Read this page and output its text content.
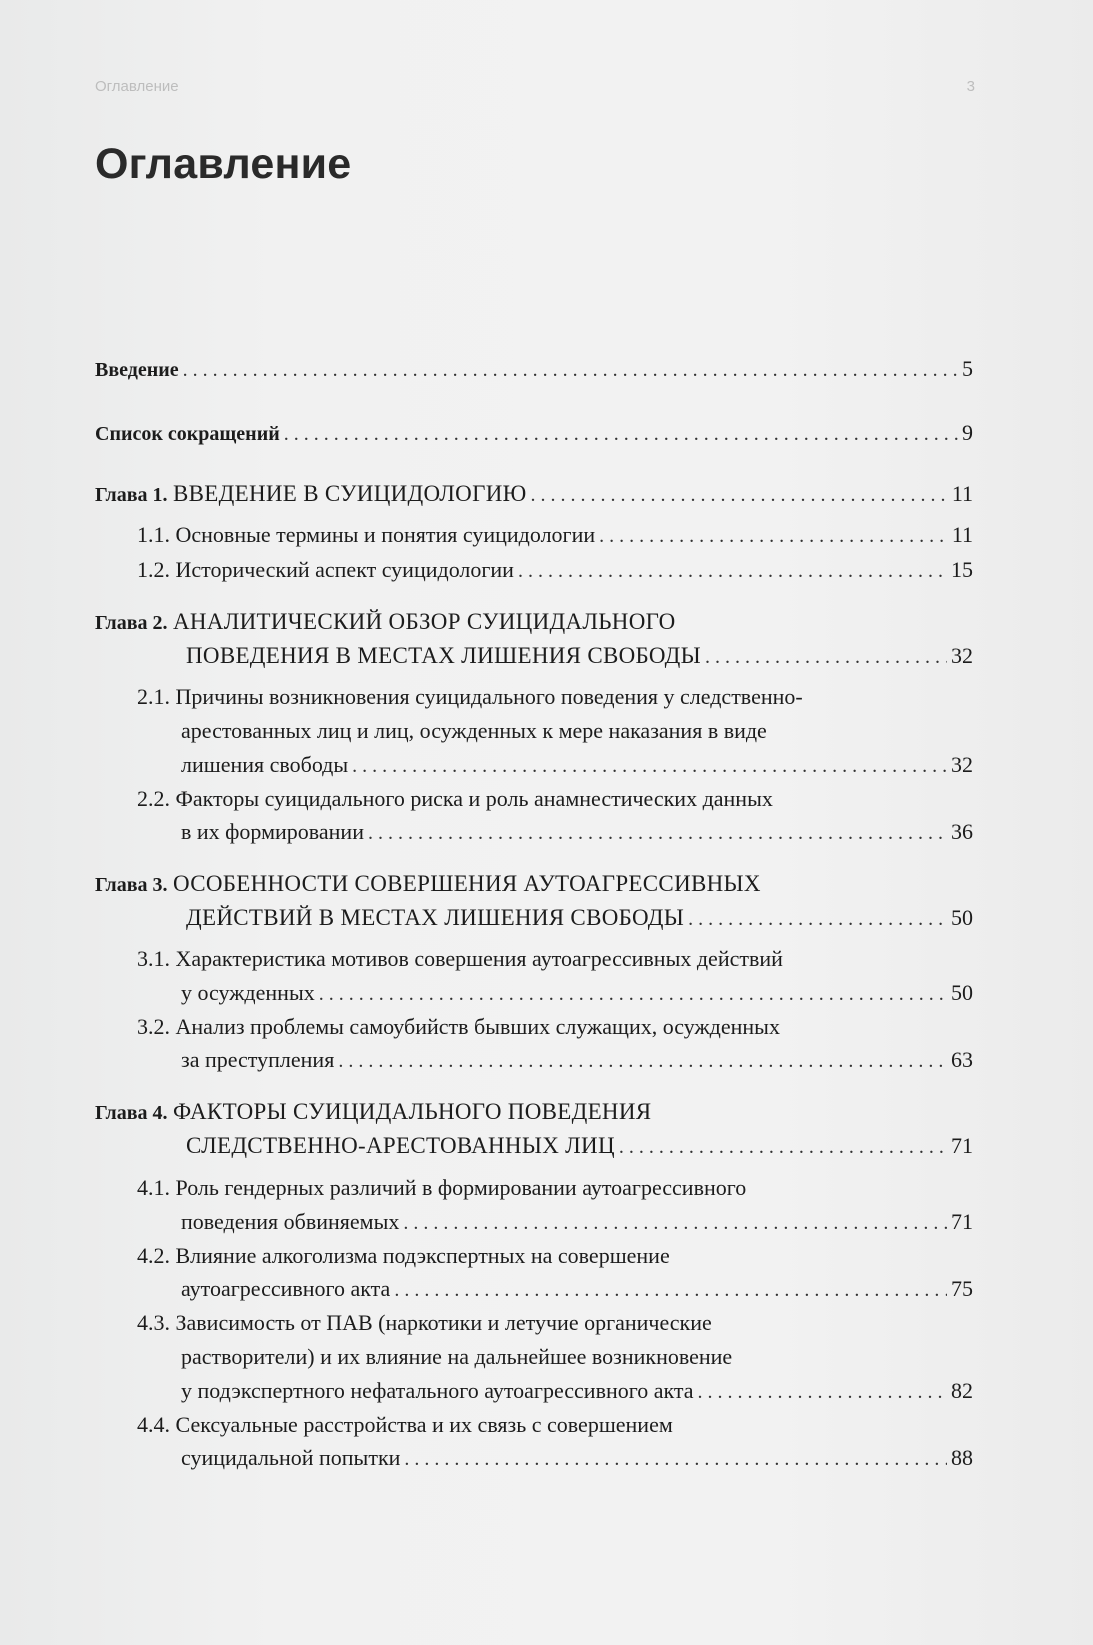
Оглавление	3
Оглавление
Введение . . .	5
Список сокращений . . .	9
Глава 1. ВВЕДЕНИЕ В СУИЦИДОЛОГИЮ . . .	11
1.1. Основные термины и понятия суицидологии . . .	11
1.2. Исторический аспект суицидологии . . .	15
Глава 2. АНАЛИТИЧЕСКИЙ ОБЗОР СУИЦИДАЛЬНОГО
ПОВЕДЕНИЯ В МЕСТАХ ЛИШЕНИЯ СВОБОДЫ . . .	32
2.1. Причины возникновения суицидального поведения у следственно-
арестованных лиц и лиц, осужденных к мере наказания в виде
лишения свободы . . .	32
2.2. Факторы суицидального риска и роль анамнестических данных
в их формировании . . .	36
Глава 3. ОСОБЕННОСТИ СОВЕРШЕНИЯ АУТОАГРЕССИВНЫХ
ДЕЙСТВИЙ В МЕСТАХ ЛИШЕНИЯ СВОБОДЫ . . .	50
3.1. Характеристика мотивов совершения аутоагрессивных действий
у осужденных . . .	50
3.2. Анализ проблемы самоубийств бывших служащих, осужденных
за преступления . . .	63
Глава 4. ФАКТОРЫ СУИЦИДАЛЬНОГО ПОВЕДЕНИЯ
СЛЕДСТВЕННО-АРЕСТОВАННЫХ ЛИЦ . . .	71
4.1. Роль гендерных различий в формировании аутоагрессивного
поведения обвиняемых . . .	71
4.2. Влияние алкоголизма подэкспертных на совершение
аутоагрессивного акта . . .	75
4.3. Зависимость от ПАВ (наркотики и летучие органические
растворители) и их влияние на дальнейшее возникновение
у подэкспертного нефатального аутоагрессивного акта . . .	82
4.4. Сексуальные расстройства и их связь с совершением
суицидальной попытки . . .	88
